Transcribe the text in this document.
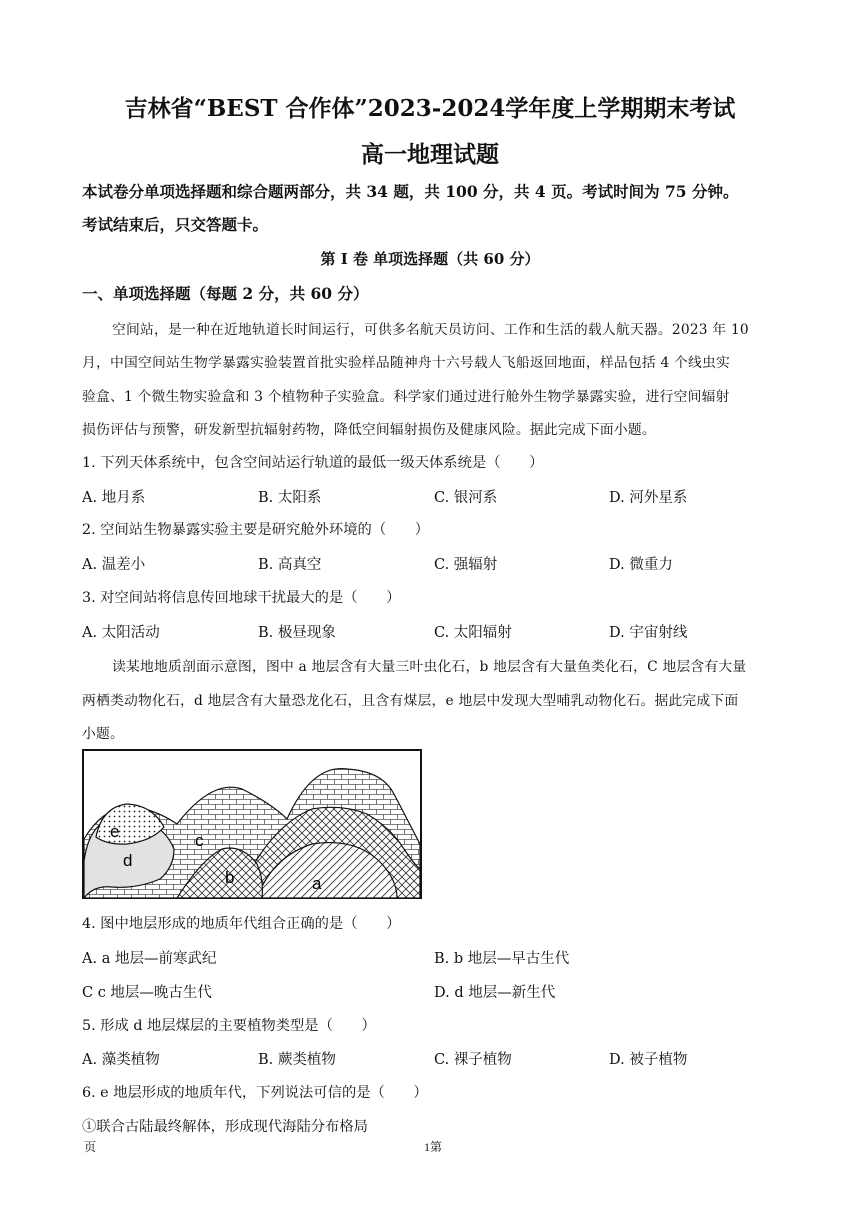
吉林省“BEST 合作体”2023-2024学年度上学期期末考试
高一地理试题
本试卷分单项选择题和综合题两部分，共 34 题，共 100 分，共 4 页。考试时间为 75 分钟。
考试结束后，只交答题卡。
第 I 卷 单项选择题（共 60 分）
一、单项选择题（每题 2 分，共 60 分）
空间站，是一种在近地轨道长时间运行，可供多名航天员访问、工作和生活的载人航天器。2023 年 10
月，中国空间站生物学暴露实验装置首批实验样品随神舟十六号载人飞船返回地面，样品包括 4 个线虫实
验盒、1 个微生物实验盒和 3 个植物种子实验盒。科学家们通过进行舱外生物学暴露实验，进行空间辐射
损伤评估与预警，研发新型抗辐射药物，降低空间辐射损伤及健康风险。据此完成下面小题。
1. 下列天体系统中，包含空间站运行轨道的最低一级天体系统是（　　）
A. 地月系	B. 太阳系	C. 银河系	D. 河外星系
2. 空间站生物暴露实验主要是研究舱外环境的（　　）
A. 温差小	B. 高真空	C. 强辐射	D. 微重力
3. 对空间站将信息传回地球干扰最大的是（　　）
A. 太阳活动	B. 极昼现象	C. 太阳辐射	D. 宇宙射线
读某地地质剖面示意图，图中 a 地层含有大量三叶虫化石，b 地层含有大量鱼类化石，C 地层含有大量
两栖类动物化石，d 地层含有大量恐龙化石，且含有煤层，e 地层中发现大型哺乳动物化石。据此完成下面
小题。
e
d
c
b	a
4. 图中地层形成的地质年代组合正确的是（　　）
A. a 地层—前寒武纪	B. b 地层—早古生代
C c 地层—晚古生代	D. d 地层—新生代
5. 形成 d 地层煤层的主要植物类型是（　　）
A. 藻类植物	B. 蕨类植物	C. 裸子植物	D. 被子植物
6. e 地层形成的地质年代，下列说法可信的是（　　）
①联合古陆最终解体，形成现代海陆分布格局
页	1第
